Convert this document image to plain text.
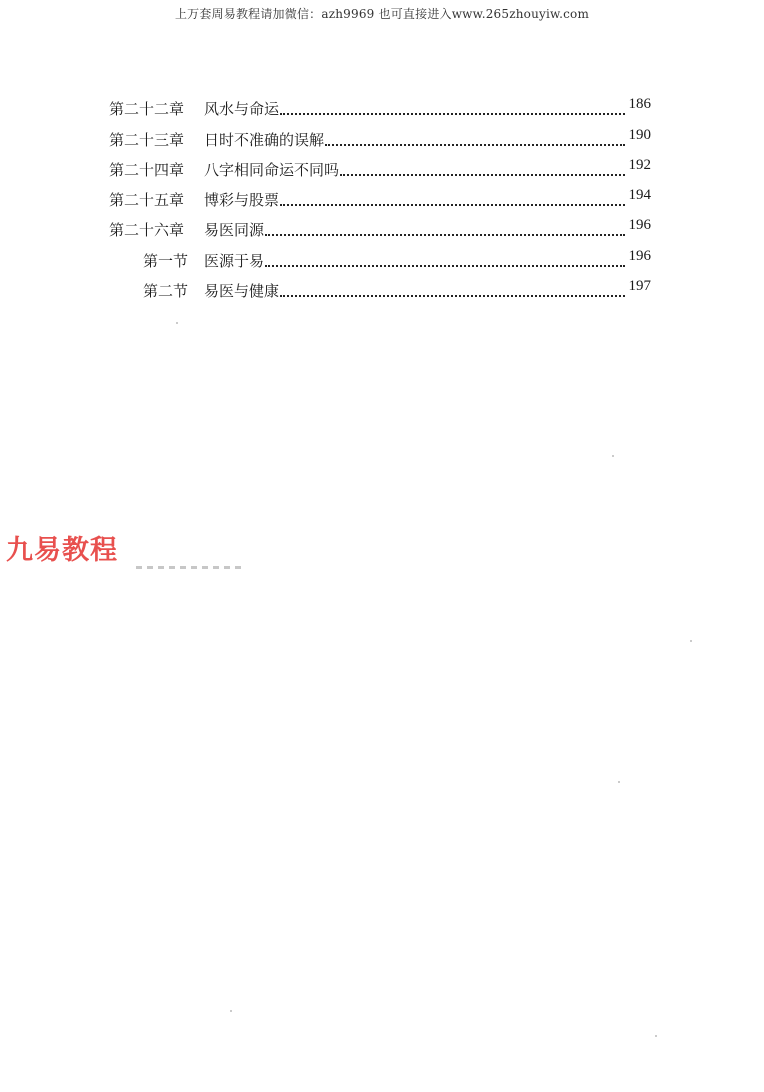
上万套周易教程请加微信：azh9969 也可直接进入www.265zhouyiw.com
第二十二章	风水与命运	186
第二十三章	日时不准确的误解	190
第二十四章	八字相同命运不同吗	192
第二十五章	博彩与股票	194
第二十六章	易医同源	196
第一节	医源于易	196
第二节	易医与健康	197
九易教程
